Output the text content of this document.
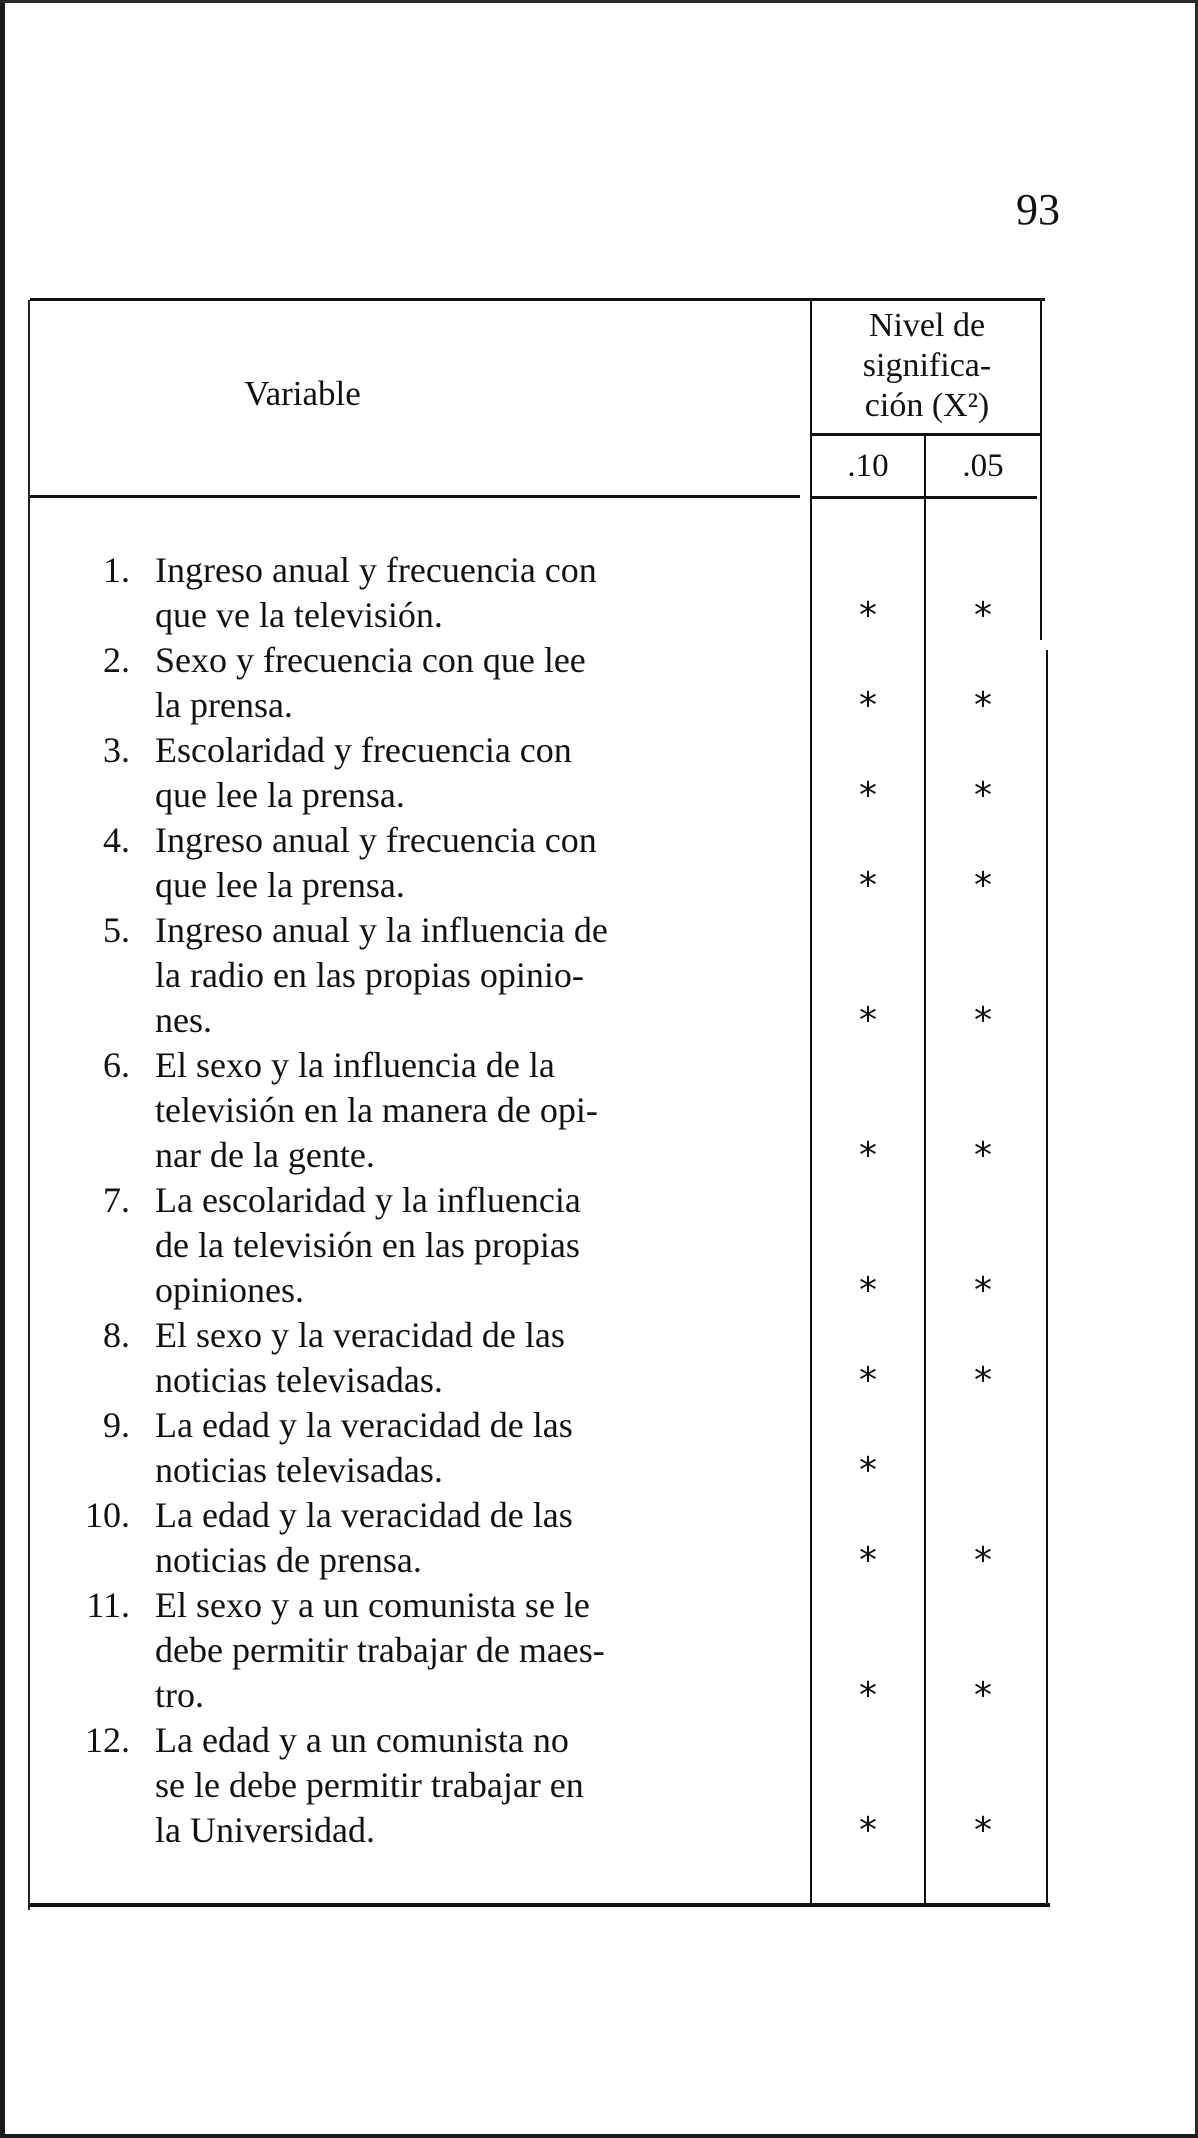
93
Variable
Nivel de
significa-
ción (X²)
.10	.05
1. Ingreso anual y frecuencia con
que ve la televisión.	*	*
2. Sexo y frecuencia con que lee
la prensa.	*	*
3. Escolaridad y frecuencia con
que lee la prensa.	*	*
4. Ingreso anual y frecuencia con
que lee la prensa.	*	*
5. Ingreso anual y la influencia de
la radio en las propias opinio-
nes.	*	*
6. El sexo y la influencia de la
televisión en la manera de opi-
nar de la gente.	*	*
7. La escolaridad y la influencia
de la televisión en las propias
opiniones.	*	*
8. El sexo y la veracidad de las
noticias televisadas.	*	*
9. La edad y la veracidad de las
noticias televisadas.	*
10. La edad y la veracidad de las
noticias de prensa.	*	*
11. El sexo y a un comunista se le
debe permitir trabajar de maes-
tro.	*	*
12. La edad y a un comunista no
se le debe permitir trabajar en
la Universidad.	*	*
